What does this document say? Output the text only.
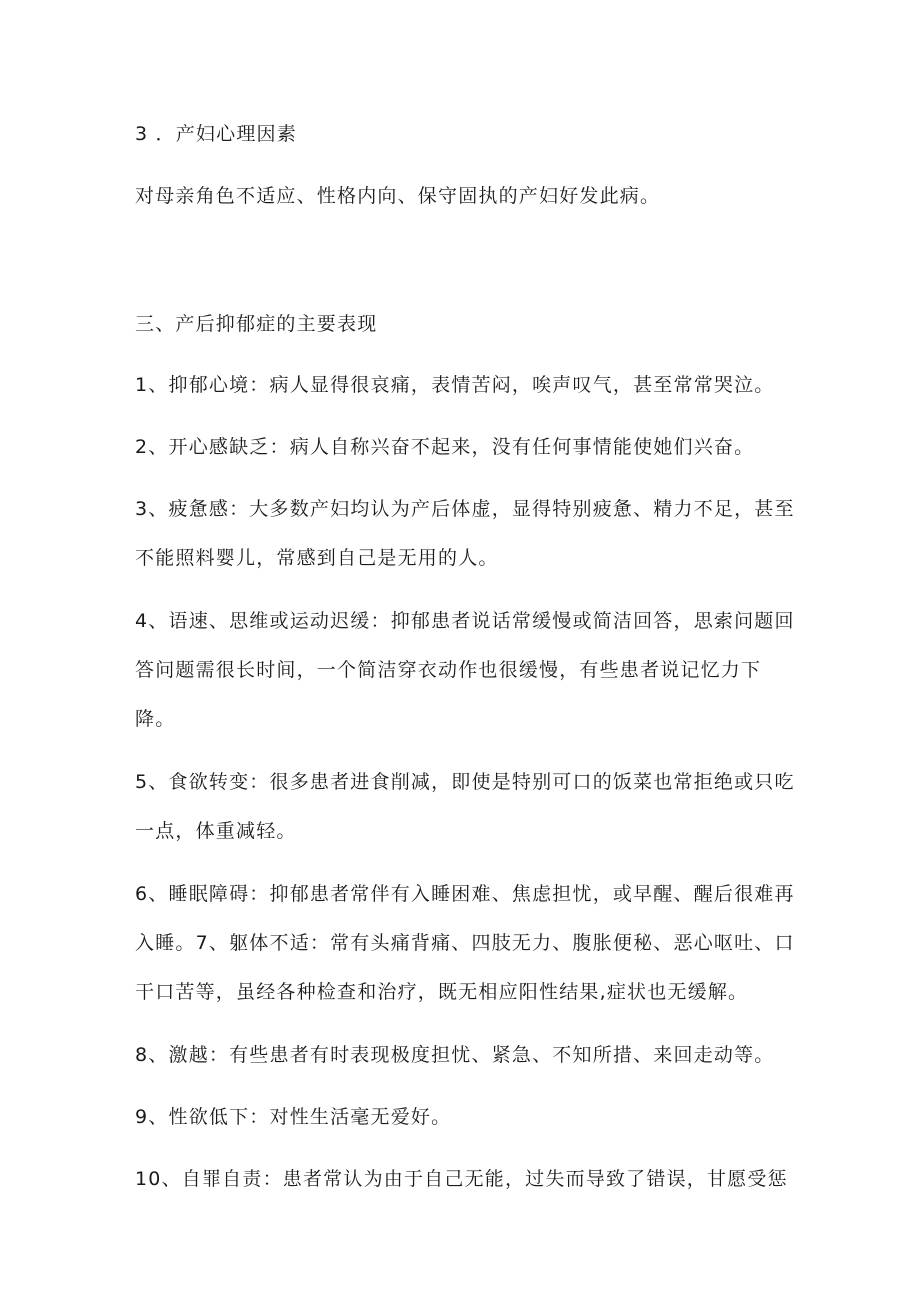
3 ．产妇心理因素
对母亲角色不适应、性格内向、保守固执的产妇好发此病。
三、产后抑郁症的主要表现
1、抑郁心境：病人显得很哀痛，表情苦闷，唉声叹气，甚至常常哭泣。
2、开心感缺乏：病人自称兴奋不起来，没有任何事情能使她们兴奋。
3、疲惫感：大多数产妇均认为产后体虚，显得特别疲惫、精力不足，甚至
不能照料婴儿，常感到自己是无用的人。
4、语速、思维或运动迟缓：抑郁患者说话常缓慢或简洁回答，思索问题回
答问题需很长时间，一个简洁穿衣动作也很缓慢，有些患者说记忆力下
降。
5、食欲转变：很多患者进食削减，即使是特别可口的饭菜也常拒绝或只吃
一点，体重减轻。
6、睡眠障碍：抑郁患者常伴有入睡困难、焦虑担忧，或早醒、醒后很难再
入睡。7、躯体不适：常有头痛背痛、四肢无力、腹胀便秘、恶心呕吐、口
干口苦等，虽经各种检查和治疗，既无相应阳性结果,症状也无缓解。
8、激越：有些患者有时表现极度担忧、紧急、不知所措、来回走动等。
9、性欲低下：对性生活毫无爱好。
10、自罪自责：患者常认为由于自己无能，过失而导致了错误，甘愿受惩
